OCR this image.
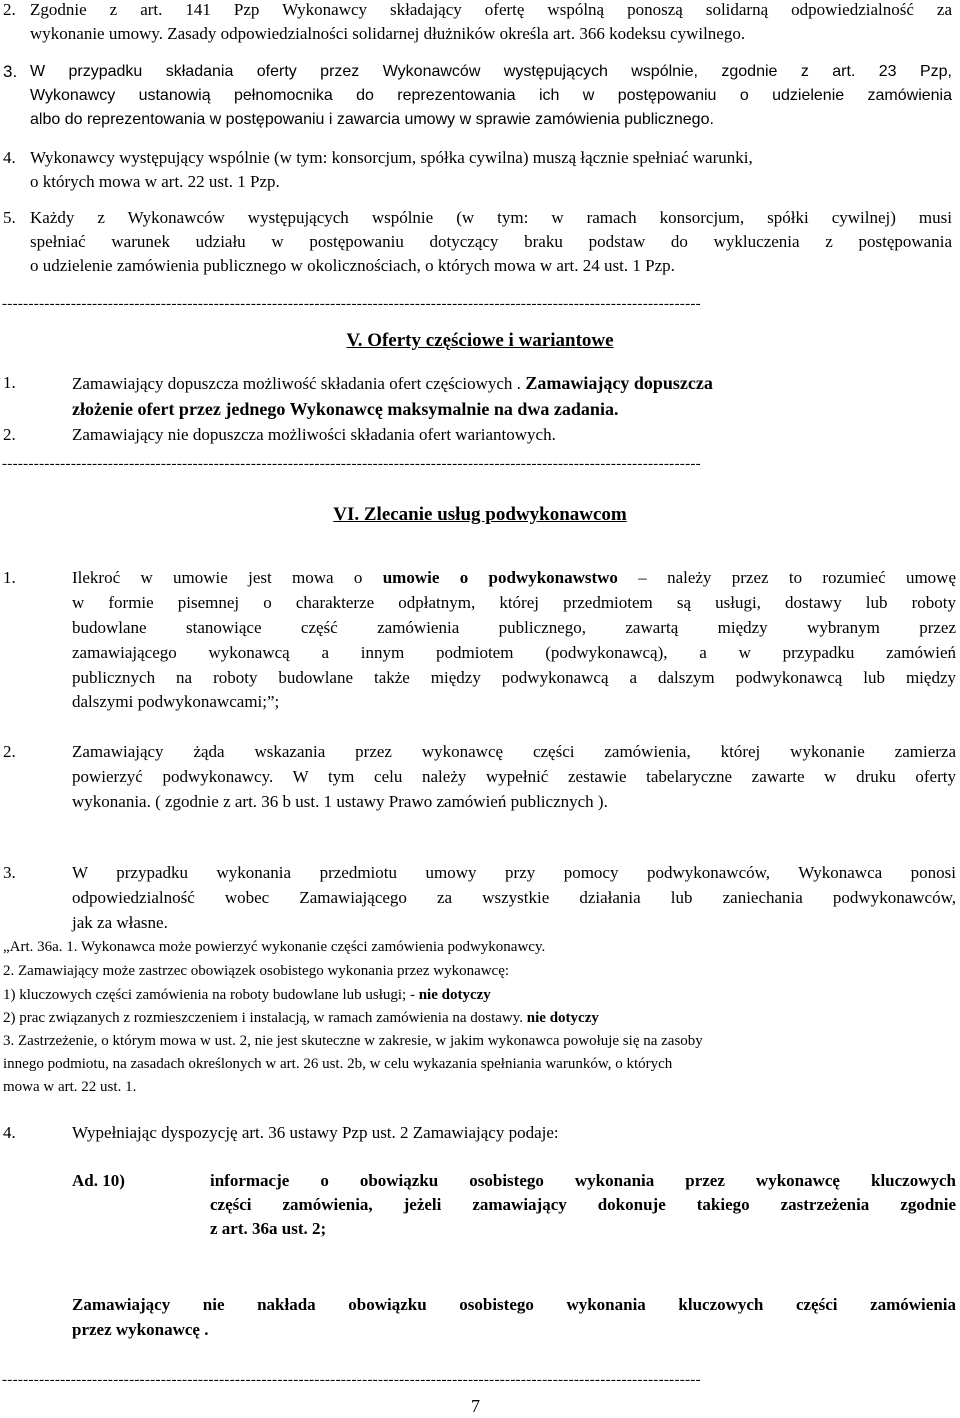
2. Zgodnie z art. 141 Pzp Wykonawcy składający ofertę wspólną ponoszą solidarną odpowiedzialność za
wykonanie umowy. Zasady odpowiedzialności solidarnej dłużników określa art. 366 kodeksu cywilnego.
3. W przypadku składania oferty przez Wykonawców występujących wspólnie, zgodnie z art. 23 Pzp,
Wykonawcy ustanowią pełnomocnika do reprezentowania ich w postępowaniu o udzielenie zamówienia
albo do reprezentowania w postępowaniu i zawarcia umowy w sprawie zamówienia publicznego.
4. Wykonawcy występujący wspólnie (w tym: konsorcjum, spółka cywilna) muszą łącznie spełniać warunki,
o których mowa w art. 22 ust. 1 Pzp.
5. Każdy z Wykonawców występujących wspólnie (w tym: w ramach konsorcjum, spółki cywilnej) musi
spełniać warunek udziału w postępowaniu dotyczący braku podstaw do wykluczenia z postępowania
o udzielenie zamówienia publicznego w okolicznościach, o których mowa w art. 24 ust. 1 Pzp.
------------------------------------------------------------------------------------------------------------------------------------
V. Oferty częściowe i wariantowe
1.	Zamawiający dopuszcza możliwość składania ofert częściowych . Zamawiający dopuszcza
złożenie ofert przez jednego Wykonawcę maksymalnie na dwa zadania.
2.	Zamawiający nie dopuszcza możliwości składania ofert wariantowych.
------------------------------------------------------------------------------------------------------------------------------------
VI. Zlecanie usług podwykonawcom
1.	Ilekroć w umowie jest mowa o umowie o podwykonawstwo – należy przez to rozumieć umowę
w formie pisemnej o charakterze odpłatnym, której przedmiotem są usługi, dostawy lub roboty
budowlane stanowiące część zamówienia publicznego, zawartą między wybranym przez
zamawiającego wykonawcą a innym podmiotem (podwykonawcą), a w przypadku zamówień
publicznych na roboty budowlane także między podwykonawcą a dalszym podwykonawcą lub między
dalszymi podwykonawcami;”;
2.	Zamawiający żąda wskazania przez wykonawcę części zamówienia, której wykonanie zamierza
powierzyć podwykonawcy. W tym celu należy wypełnić zestawie tabelaryczne zawarte w druku oferty
wykonania. ( zgodnie z art. 36 b ust. 1 ustawy Prawo zamówień publicznych ).
3.	W przypadku wykonania przedmiotu umowy przy pomocy podwykonawców, Wykonawca ponosi
odpowiedzialność wobec Zamawiającego za wszystkie działania lub zaniechania podwykonawców,
jak za własne.
„Art. 36a. 1. Wykonawca może powierzyć wykonanie części zamówienia podwykonawcy.
2. Zamawiający może zastrzec obowiązek osobistego wykonania przez wykonawcę:
1) kluczowych części zamówienia na roboty budowlane lub usługi; - nie dotyczy
2) prac związanych z rozmieszczeniem i instalacją, w ramach zamówienia na dostawy. nie dotyczy
3. Zastrzeżenie, o którym mowa w ust. 2, nie jest skuteczne w zakresie, w jakim wykonawca powołuje się na zasoby
innego podmiotu, na zasadach określonych w art. 26 ust. 2b, w celu wykazania spełniania warunków, o których
mowa w art. 22 ust. 1.
4.	Wypełniając dyspozycję art. 36 ustawy Pzp ust. 2 Zamawiający podaje:
Ad. 10)	informacje o obowiązku osobistego wykonania przez wykonawcę kluczowych
części zamówienia, jeżeli zamawiający dokonuje takiego zastrzeżenia zgodnie
z art. 36a ust. 2;
Zamawiający nie nakłada obowiązku osobistego wykonania kluczowych części zamówienia
przez wykonawcę .
------------------------------------------------------------------------------------------------------------------------------------
7
